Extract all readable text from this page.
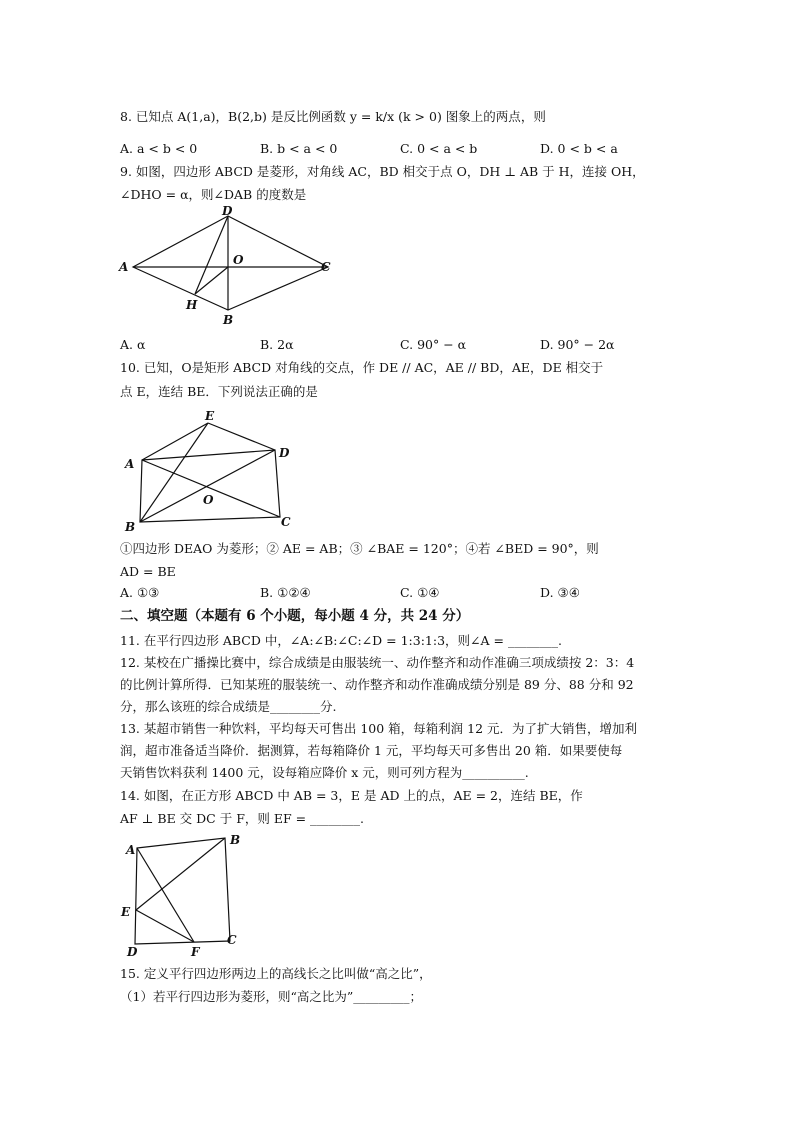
8. 已知点 A(1,a)，B(2,b) 是反比例函数 y = k/x (k > 0) 图象上的两点，则
A. a < b < 0	B. b < a < 0	C. 0 < a < b	D. 0 < b < a
9. 如图，四边形 ABCD 是菱形，对角线 AC，BD 相交于点 O，DH ⊥ AB 于 H，连接 OH，
∠DHO = α，则∠DAB 的度数是
A
B
C
D
O
H
A. α	B. 2α	C. 90° − α	D. 90° − 2α
10. 已知，O是矩形 ABCD 对角线的交点，作 DE // AC，AE // BD，AE，DE 相交于
点 E，连结 BE．下列说法正确的是
A
B	C
D
E
O
①四边形 DEAO 为菱形；② AE = AB；③ ∠BAE = 120°；④若 ∠BED = 90°，则
AD = BE
A. ①③	B. ①②④	C. ①④	D. ③④
二、填空题（本题有 6 个小题，每小题 4 分，共 24 分）
11. 在平行四边形 ABCD 中，∠A:∠B:∠C:∠D = 1:3:1:3，则∠A = ________.
12. 某校在广播操比赛中，综合成绩是由服装统一、动作整齐和动作准确三项成绩按 2：3：4
的比例计算所得．已知某班的服装统一、动作整齐和动作准确成绩分别是 89 分、88 分和 92
分，那么该班的综合成绩是________分.
13. 某超市销售一种饮料，平均每天可售出 100 箱，每箱利润 12 元．为了扩大销售，增加利
润，超市准备适当降价．据测算，若每箱降价 1 元，平均每天可多售出 20 箱．如果要使每
天销售饮料获利 1400 元，设每箱应降价 x 元，则可列方程为__________.
14. 如图，在正方形 ABCD 中 AB = 3，E 是 AD 上的点，AE = 2，连结 BE，作
AF ⊥ BE 交 DC 于 F，则 EF = ________.
A
B
C
D
E
F
15. 定义平行四边形两边上的高线长之比叫做“高之比”，
（1）若平行四边形为菱形，则“高之比为”_________；
